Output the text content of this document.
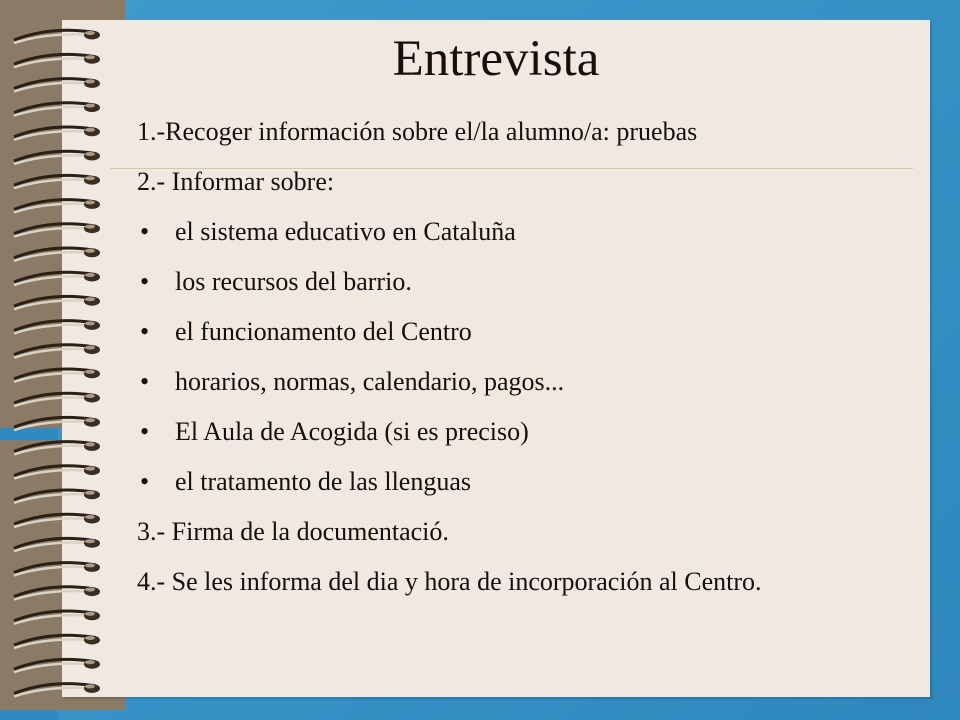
Entrevista
1.-Recoger información sobre el/la alumno/a: pruebas
2.- Informar sobre:
• el sistema educativo en Cataluña
• los recursos del barrio.
• el funcionamento del Centro
• horarios, normas, calendario, pagos...
• El Aula de Acogida (si es preciso)
• el tratamento de las llenguas
3.- Firma de la documentació.
4.- Se les informa del dia y hora de incorporación al Centro.
